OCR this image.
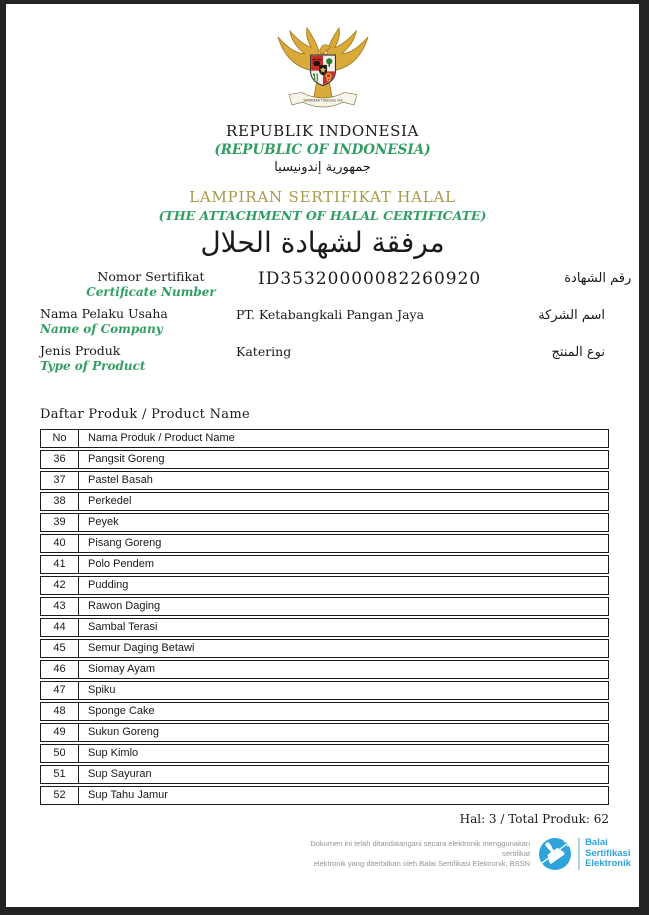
BHINNEKA TUNGGAL IKA
REPUBLIK INDONESIA
(REPUBLIC OF INDONESIA)
جمهورية إندونيسيا
LAMPIRAN SERTIFIKAT HALAL
(THE ATTACHMENT OF HALAL CERTIFICATE)
مرفقة لشهادة الحلال
Nomor Sertifikat
Certificate Number
ID35320000082260920	رقم الشهادة
Nama Pelaku Usaha
Name of Company
PT. Ketabangkali Pangan Jaya	اسم الشركة
Jenis Produk
Type of Product
Katering	نوع المنتج
Daftar Produk / Product Name
No	Nama Produk / Product Name
36	Pangsit Goreng
37	Pastel Basah
38	Perkedel
39	Peyek
40	Pisang Goreng
41	Polo Pendem
42	Pudding
43	Rawon Daging
44	Sambal Terasi
45	Semur Daging Betawi
46	Siomay Ayam
47	Spiku
48	Sponge Cake
49	Sukun Goreng
50	Sup Kimlo
51	Sup Sayuran
52	Sup Tahu Jamur
Hal: 3 / Total Produk: 62
Dokumen ini telah ditandatangani secara elektronik menggunakan sertifikat
elektronik yang diterbitkan oleh Balai Sertifikasi Elektronik, BSSN
Balai
Sertifikasi
Elektronik
